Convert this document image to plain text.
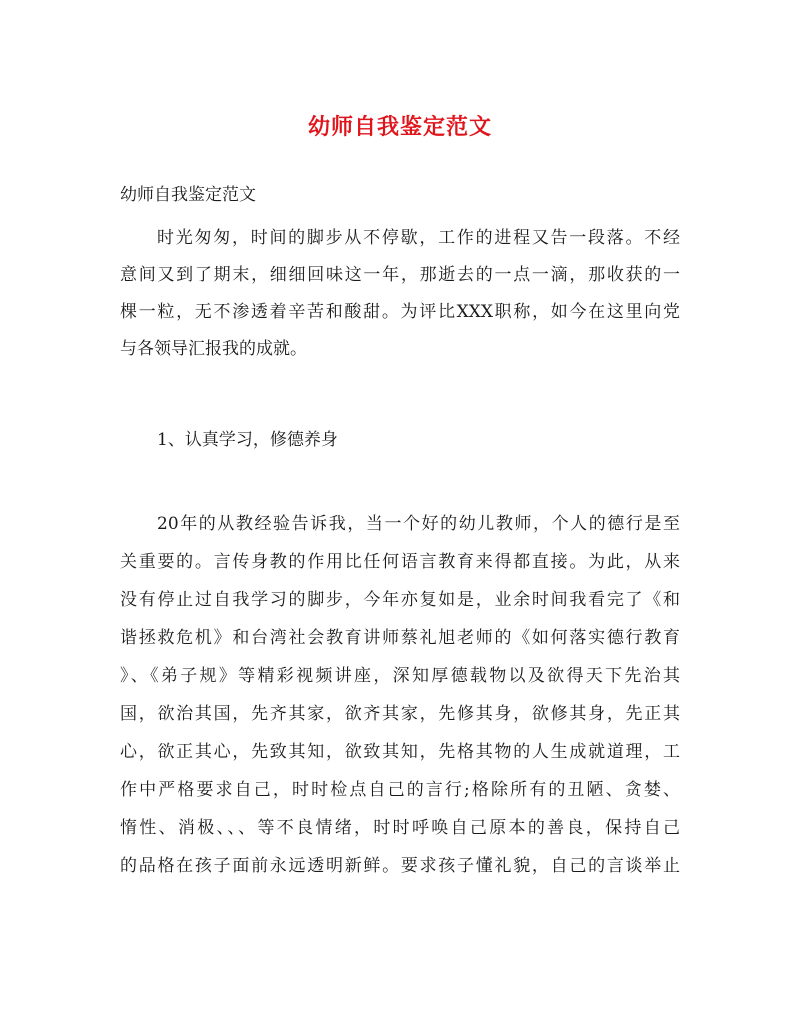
幼师自我鉴定范文
幼师自我鉴定范文
时光匆匆，时间的脚步从不停歇，工作的进程又告一段落。不经
意间又到了期末，细细回味这一年，那逝去的一点一滴，那收获的一
棵一粒，无不渗透着辛苦和酸甜。为评比XXX职称，如今在这里向党
与各领导汇报我的成就。
1、认真学习，修德养身
20年的从教经验告诉我，当一个好的幼儿教师，个人的德行是至
关重要的。言传身教的作用比任何语言教育来得都直接。为此，从来
没有停止过自我学习的脚步，今年亦复如是，业余时间我看完了《和
谐拯救危机》和台湾社会教育讲师蔡礼旭老师的《如何落实德行教育
》、《弟子规》等精彩视频讲座，深知厚德载物以及欲得天下先治其
国，欲治其国，先齐其家，欲齐其家，先修其身，欲修其身，先正其
心，欲正其心，先致其知，欲致其知，先格其物的人生成就道理，工
作中严格要求自己，时时检点自己的言行;格除所有的丑陋、贪婪、
惰性、消极、、、等不良情绪，时时呼唤自己原本的善良，保持自己
的品格在孩子面前永远透明新鲜。要求孩子懂礼貌，自己的言谈举止
